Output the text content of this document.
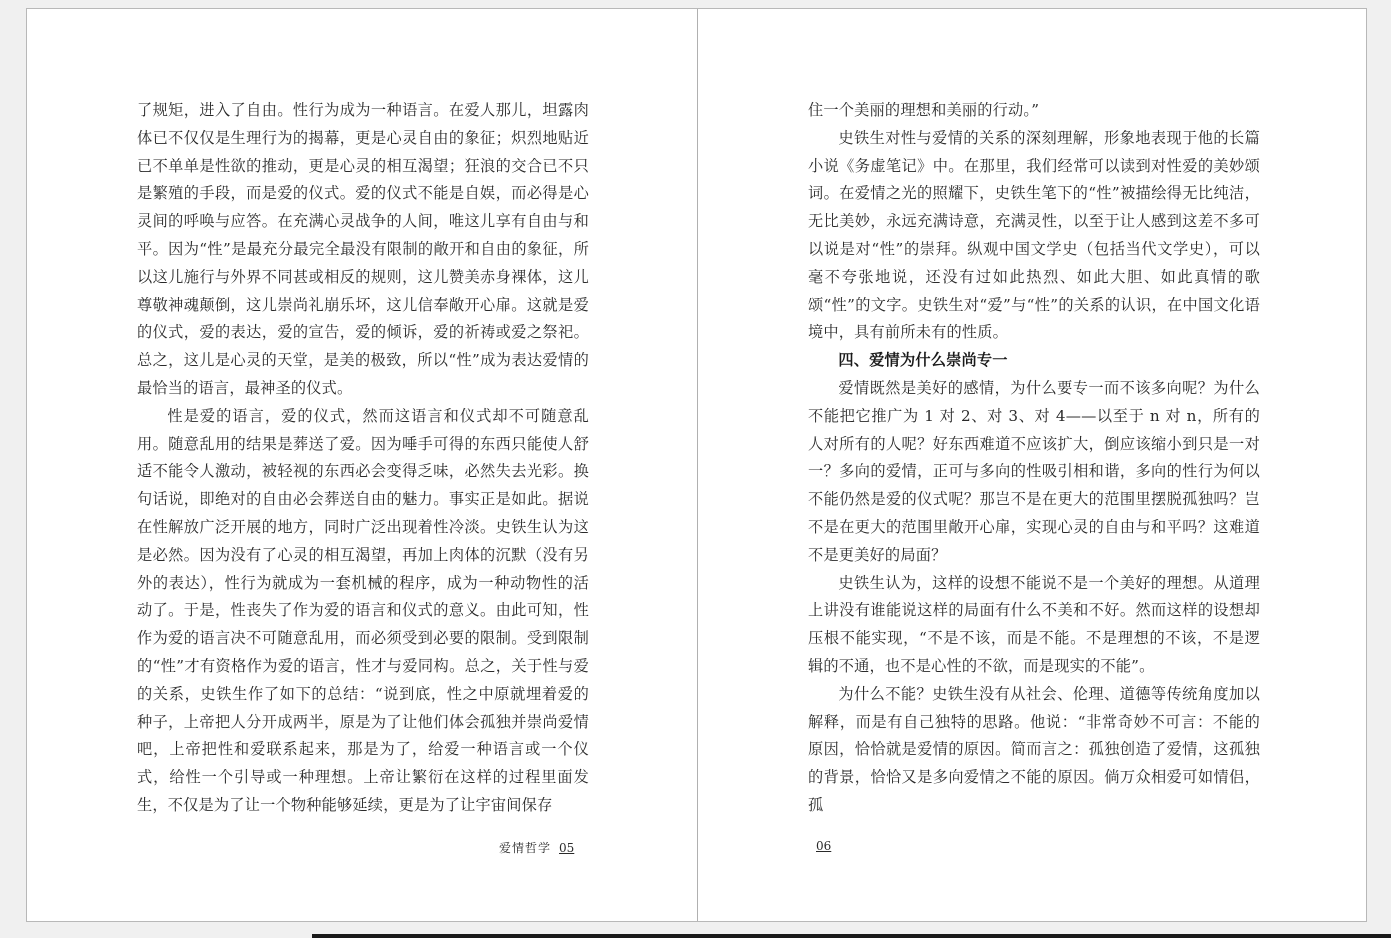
了规矩，进入了自由。性行为成为一种语言。在爱人那儿，坦露肉体已不仅仅是生理行为的揭幕，更是心灵自由的象征；炽烈地贴近已不单单是性欲的推动，更是心灵的相互渴望；狂浪的交合已不只是繁殖的手段，而是爱的仪式。爱的仪式不能是自娱，而必得是心灵间的呼唤与应答。在充满心灵战争的人间，唯这儿享有自由与和平。因为“性”是最充分最完全最没有限制的敞开和自由的象征，所以这儿施行与外界不同甚或相反的规则，这儿赞美赤身裸体，这儿尊敬神魂颠倒，这儿崇尚礼崩乐坏，这儿信奉敞开心扉。这就是爱的仪式，爱的表达，爱的宣告，爱的倾诉，爱的祈祷或爱之祭祀。总之，这儿是心灵的天堂，是美的极致，所以“性”成为表达爱情的最恰当的语言，最神圣的仪式。

性是爱的语言，爱的仪式，然而这语言和仪式却不可随意乱用。随意乱用的结果是葬送了爱。因为唾手可得的东西只能使人舒适不能令人激动，被轻视的东西必会变得乏味，必然失去光彩。换句话说，即绝对的自由必会葬送自由的魅力。事实正是如此。据说在性解放广泛开展的地方，同时广泛出现着性冷淡。史铁生认为这是必然。因为没有了心灵的相互渴望，再加上肉体的沉默（没有另外的表达），性行为就成为一套机械的程序，成为一种动物性的活动了。于是，性丧失了作为爱的语言和仪式的意义。由此可知，性作为爱的语言决不可随意乱用，而必须受到必要的限制。受到限制的“性”才有资格作为爱的语言，性才与爱同构。总之，关于性与爱的关系，史铁生作了如下的总结：“说到底，性之中原就埋着爱的种子，上帝把人分开成两半，原是为了让他们体会孤独并崇尚爱情吧，上帝把性和爱联系起来，那是为了，给爱一种语言或一个仪式，给性一个引导或一种理想。上帝让繁衍在这样的过程里面发生，不仅是为了让一个物种能够延续，更是为了让宇宙间保存

爱情哲学 05

住一个美丽的理想和美丽的行动。”

史铁生对性与爱情的关系的深刻理解，形象地表现于他的长篇小说《务虚笔记》中。在那里，我们经常可以读到对性爱的美妙颂词。在爱情之光的照耀下，史铁生笔下的“性”被描绘得无比纯洁，无比美妙，永远充满诗意，充满灵性，以至于让人感到这差不多可以说是对“性”的崇拜。纵观中国文学史（包括当代文学史），可以毫不夸张地说，还没有过如此热烈、如此大胆、如此真情的歌颂“性”的文字。史铁生对“爱”与“性”的关系的认识，在中国文化语境中，具有前所未有的性质。

四、爱情为什么崇尚专一

爱情既然是美好的感情，为什么要专一而不该多向呢？为什么不能把它推广为 1 对 2、对 3、对 4——以至于 n 对 n，所有的人对所有的人呢？好东西难道不应该扩大，倒应该缩小到只是一对一？多向的爱情，正可与多向的性吸引相和谐，多向的性行为何以不能仍然是爱的仪式呢？那岂不是在更大的范围里摆脱孤独吗？岂不是在更大的范围里敞开心扉，实现心灵的自由与和平吗？这难道不是更美好的局面？

史铁生认为，这样的设想不能说不是一个美好的理想。从道理上讲没有谁能说这样的局面有什么不美和不好。然而这样的设想却压根不能实现，“不是不该，而是不能。不是理想的不该，不是逻辑的不通，也不是心性的不欲，而是现实的不能”。

为什么不能？史铁生没有从社会、伦理、道德等传统角度加以解释，而是有自己独特的思路。他说：“非常奇妙不可言：不能的原因，恰恰就是爱情的原因。简而言之：孤独创造了爱情，这孤独的背景，恰恰又是多向爱情之不能的原因。倘万众相爱可如情侣，孤

06
